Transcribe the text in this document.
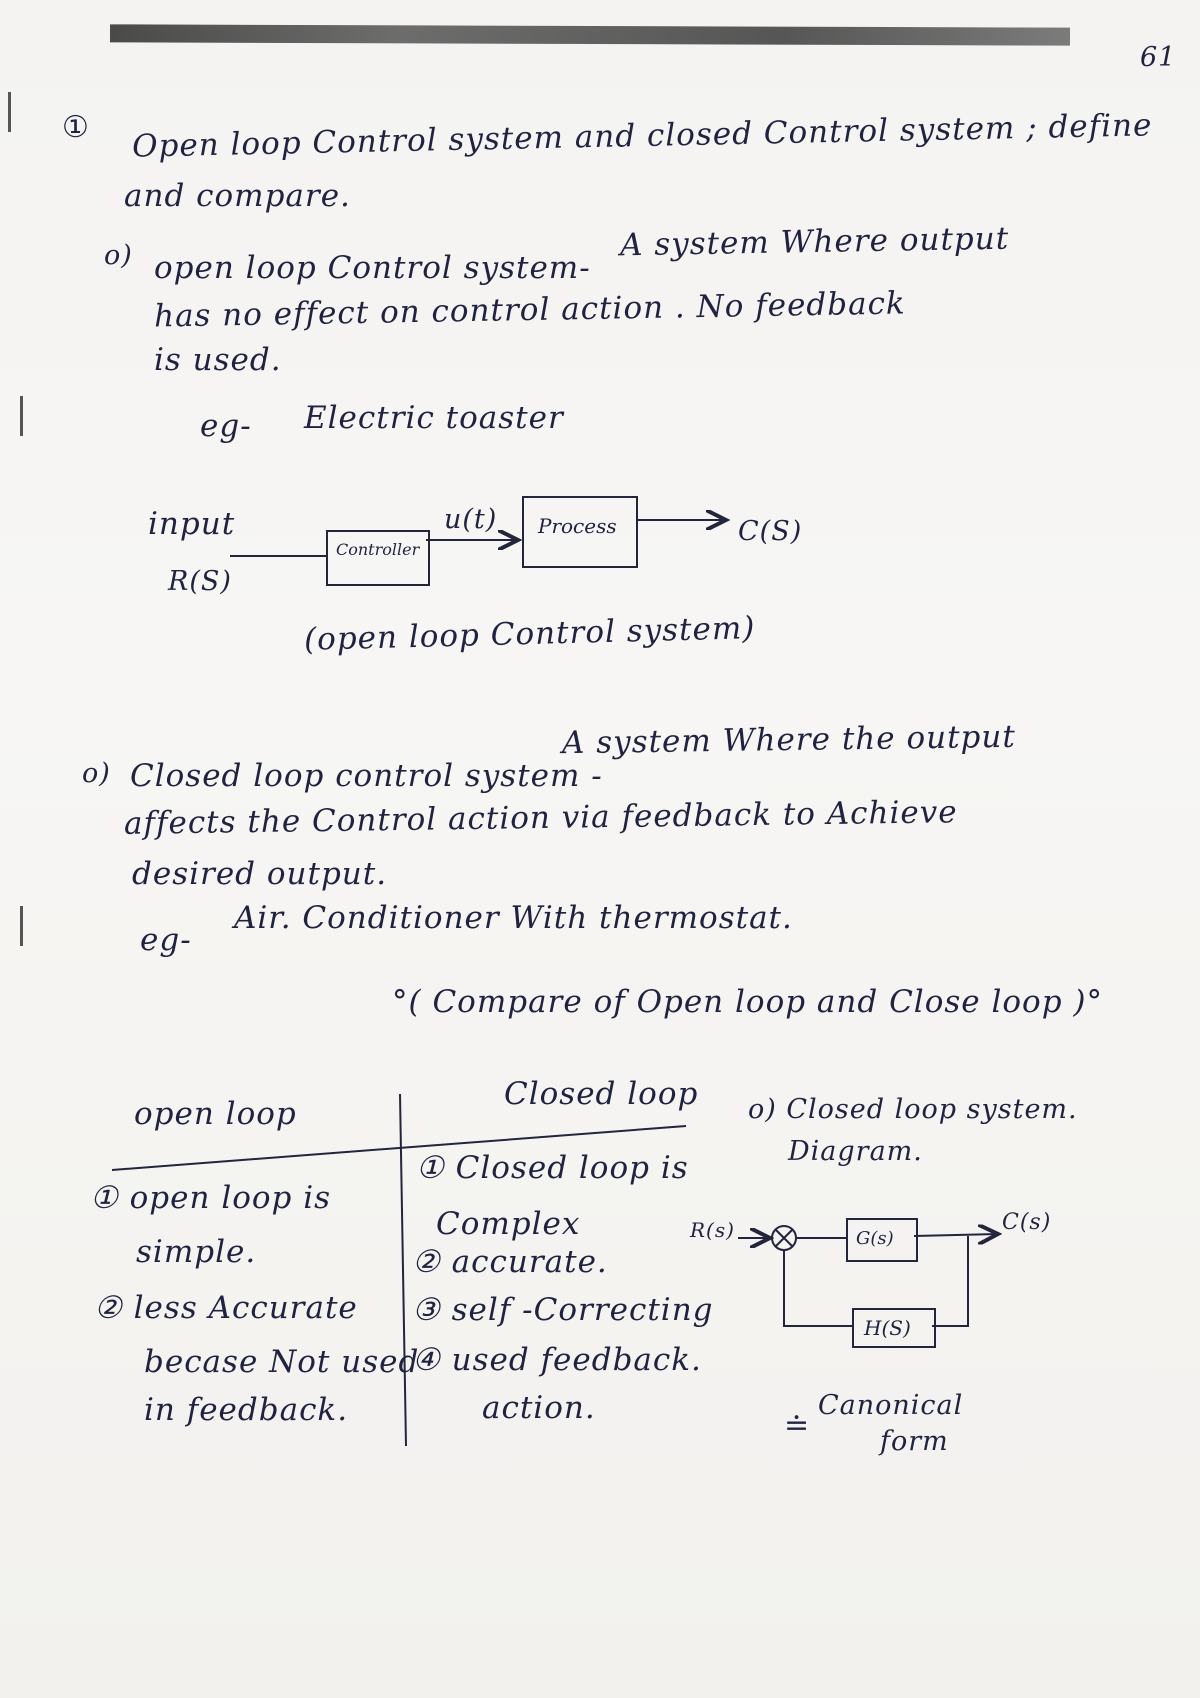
61
① Open loop Control system and closed Control system ; define
and compare.
o) open loop Control system-
A system Where output
has no effect on control action . No feedback
is used.
eg- Electric toaster
input
R(S)
Controller
u(t) Process	C(S)
(open loop Control system)
o) Closed loop control system -
A system Where the output
affects the Control action via feedback to Achieve
desired output.
eg-
Air. Conditioner With thermostat.
°( Compare of Open loop and Close loop )°
open loop
Closed loop
① open loop is
simple.
② less Accurate
becase Not used
in feedback.
① Closed loop is
Complex
② accurate.
③ self -Correcting
④ used feedback.
action.
o) Closed loop system.
Diagram.
R(s)	G(s)
C(s)
H(S)
≐
Canonical
form
